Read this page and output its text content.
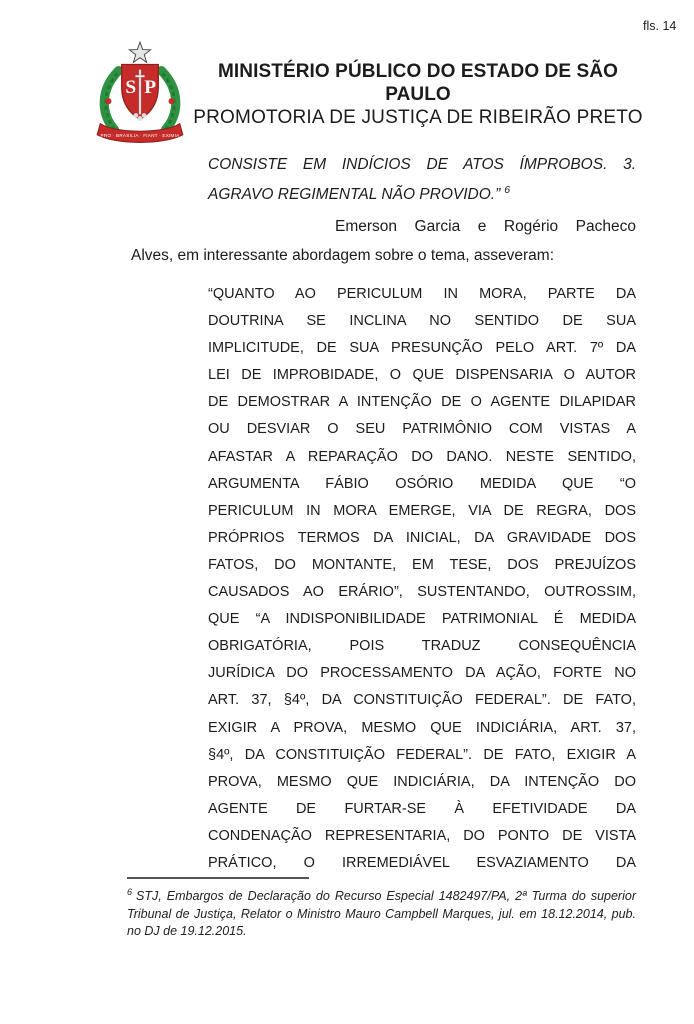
fls. 14
S P
PRO · BRASILIA · FIANT · EXIMIA
MINISTÉRIO PÚBLICO DO ESTADO DE SÃO PAULO
PROMOTORIA DE JUSTIÇA DE RIBEIRÃO PRETO
CONSISTE EM INDÍCIOS DE ATOS ÍMPROBOS. 3.
AGRAVO REGIMENTAL NÃO PROVIDO.” $^6$
Emerson Garcia e Rogério Pacheco
Alves, em interessante abordagem sobre o tema, asseveram:
“QUANTO AO PERICULUM IN MORA, PARTE DA
DOUTRINA SE INCLINA NO SENTIDO DE SUA
IMPLICITUDE, DE SUA PRESUNÇÃO PELO ART. 7º DA
LEI DE IMPROBIDADE, O QUE DISPENSARIA O AUTOR
DE DEMOSTRAR A INTENÇÃO DE O AGENTE DILAPIDAR
OU DESVIAR O SEU PATRIMÔNIO COM VISTAS A
AFASTAR A REPARAÇÃO DO DANO. NESTE SENTIDO,
ARGUMENTA FÁBIO OSÓRIO MEDIDA QUE “O
PERICULUM IN MORA EMERGE, VIA DE REGRA, DOS
PRÓPRIOS TERMOS DA INICIAL, DA GRAVIDADE DOS
FATOS, DO MONTANTE, EM TESE, DOS PREJUÍZOS
CAUSADOS AO ERÁRIO”, SUSTENTANDO, OUTROSSIM,
QUE “A INDISPONIBILIDADE PATRIMONIAL É MEDIDA
OBRIGATÓRIA, POIS TRADUZ CONSEQUÊNCIA
JURÍDICA DO PROCESSAMENTO DA AÇÃO, FORTE NO
ART. 37, §4º, DA CONSTITUIÇÃO FEDERAL”. DE FATO,
EXIGIR A PROVA, MESMO QUE INDICIÁRIA, ART. 37,
§4º, DA CONSTITUIÇÃO FEDERAL”. DE FATO, EXIGIR A
PROVA, MESMO QUE INDICIÁRIA, DA INTENÇÃO DO
AGENTE DE FURTAR-SE À EFETIVIDADE DA
CONDENAÇÃO REPRESENTARIA, DO PONTO DE VISTA
PRÁTICO, O IRREMEDIÁVEL ESVAZIAMENTO DA
$^6$ STJ, Embargos de Declaração do Recurso Especial 1482497/PA, 2ª Turma do superior
Tribunal de Justiça, Relator o Ministro Mauro Campbell Marques, jul. em 18.12.2014, pub.
no DJ de 19.12.2015.
